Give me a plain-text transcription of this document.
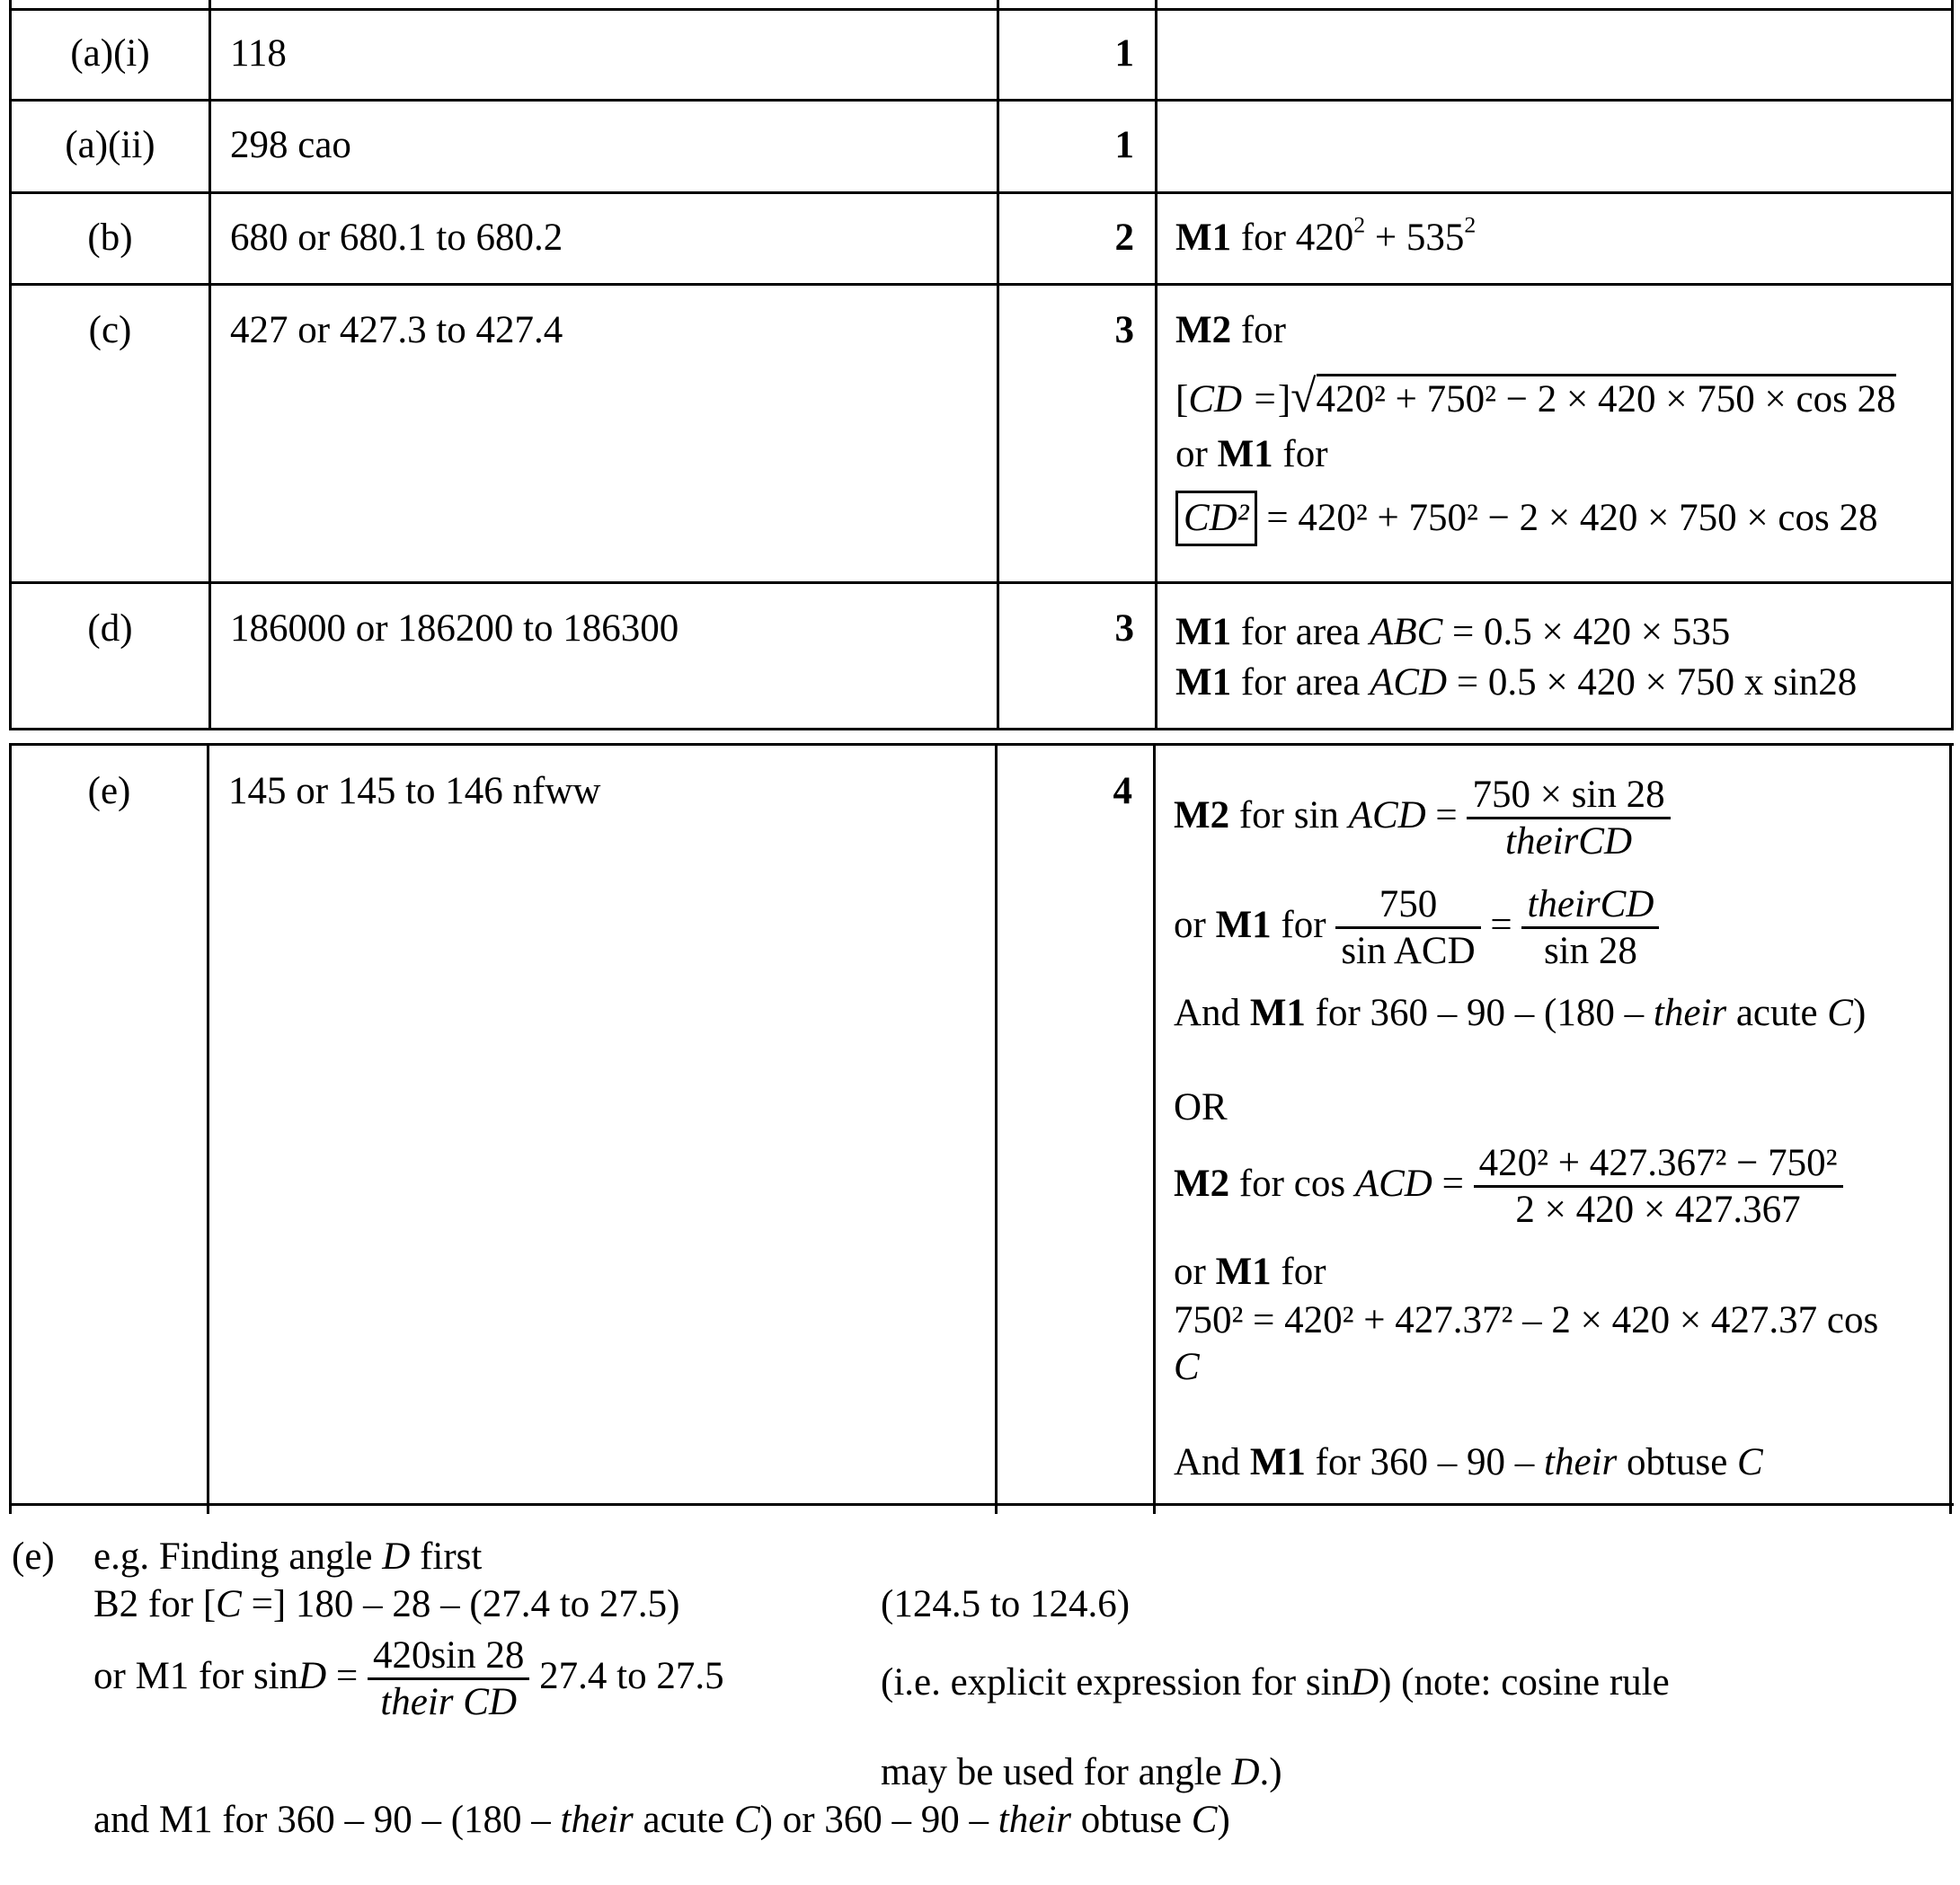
(a)(i)	118	1
(a)(ii)	298 cao	1
(b)	680 or 680.1 to 680.2	2 M1 for $420^2 + 535^2$
(c)	427 or 427.3 to 427.4	3 M2 for
[CD =]√420² + 750² − 2 × 420 × 750 × cos 28
or M1 for
CD² = 420² + 750² − 2 × 420 × 750 × cos 28
(d)	186000 or 186200 to 186300	3 M1 for area ABC = 0.5 × 420 × 535
M1 for area ACD = 0.5 × 420 × 750 x sin28
(e)	145 or 145 to 146 nfww	4
M2 for sin ACD = $\frac{750 \times \sin 28}{\text{theirCD}}$
or M1 for $\frac{750}{\text{sin ACD}} = \frac{\text{theirCD}}{\sin 28}$
And M1 for 360 – 90 – (180 – their acute C)
OR
M2 for cos ACD = $\frac{\text{420² + 427.367² − 750²}}{2 \times 420 \times 427.367}$
or M1 for
750² = 420² + 427.37² – 2 × 420 × 427.37 cos
C
And M1 for 360 – 90 – their obtuse C
(e) e.g. Finding angle D first
B2 for [C =] 180 – 28 – (27.4 to 27.5)	(124.5 to 124.6)
or M1 for $\sin D = \frac{420\sin 28}{\text{their CD}} 27.4$ to 27.5	(i.e. explicit expression for sinD) (note: cosine rule
may be used for angle D.)
and M1 for 360 – 90 – (180 – their acute C) or 360 – 90 – their obtuse C)
